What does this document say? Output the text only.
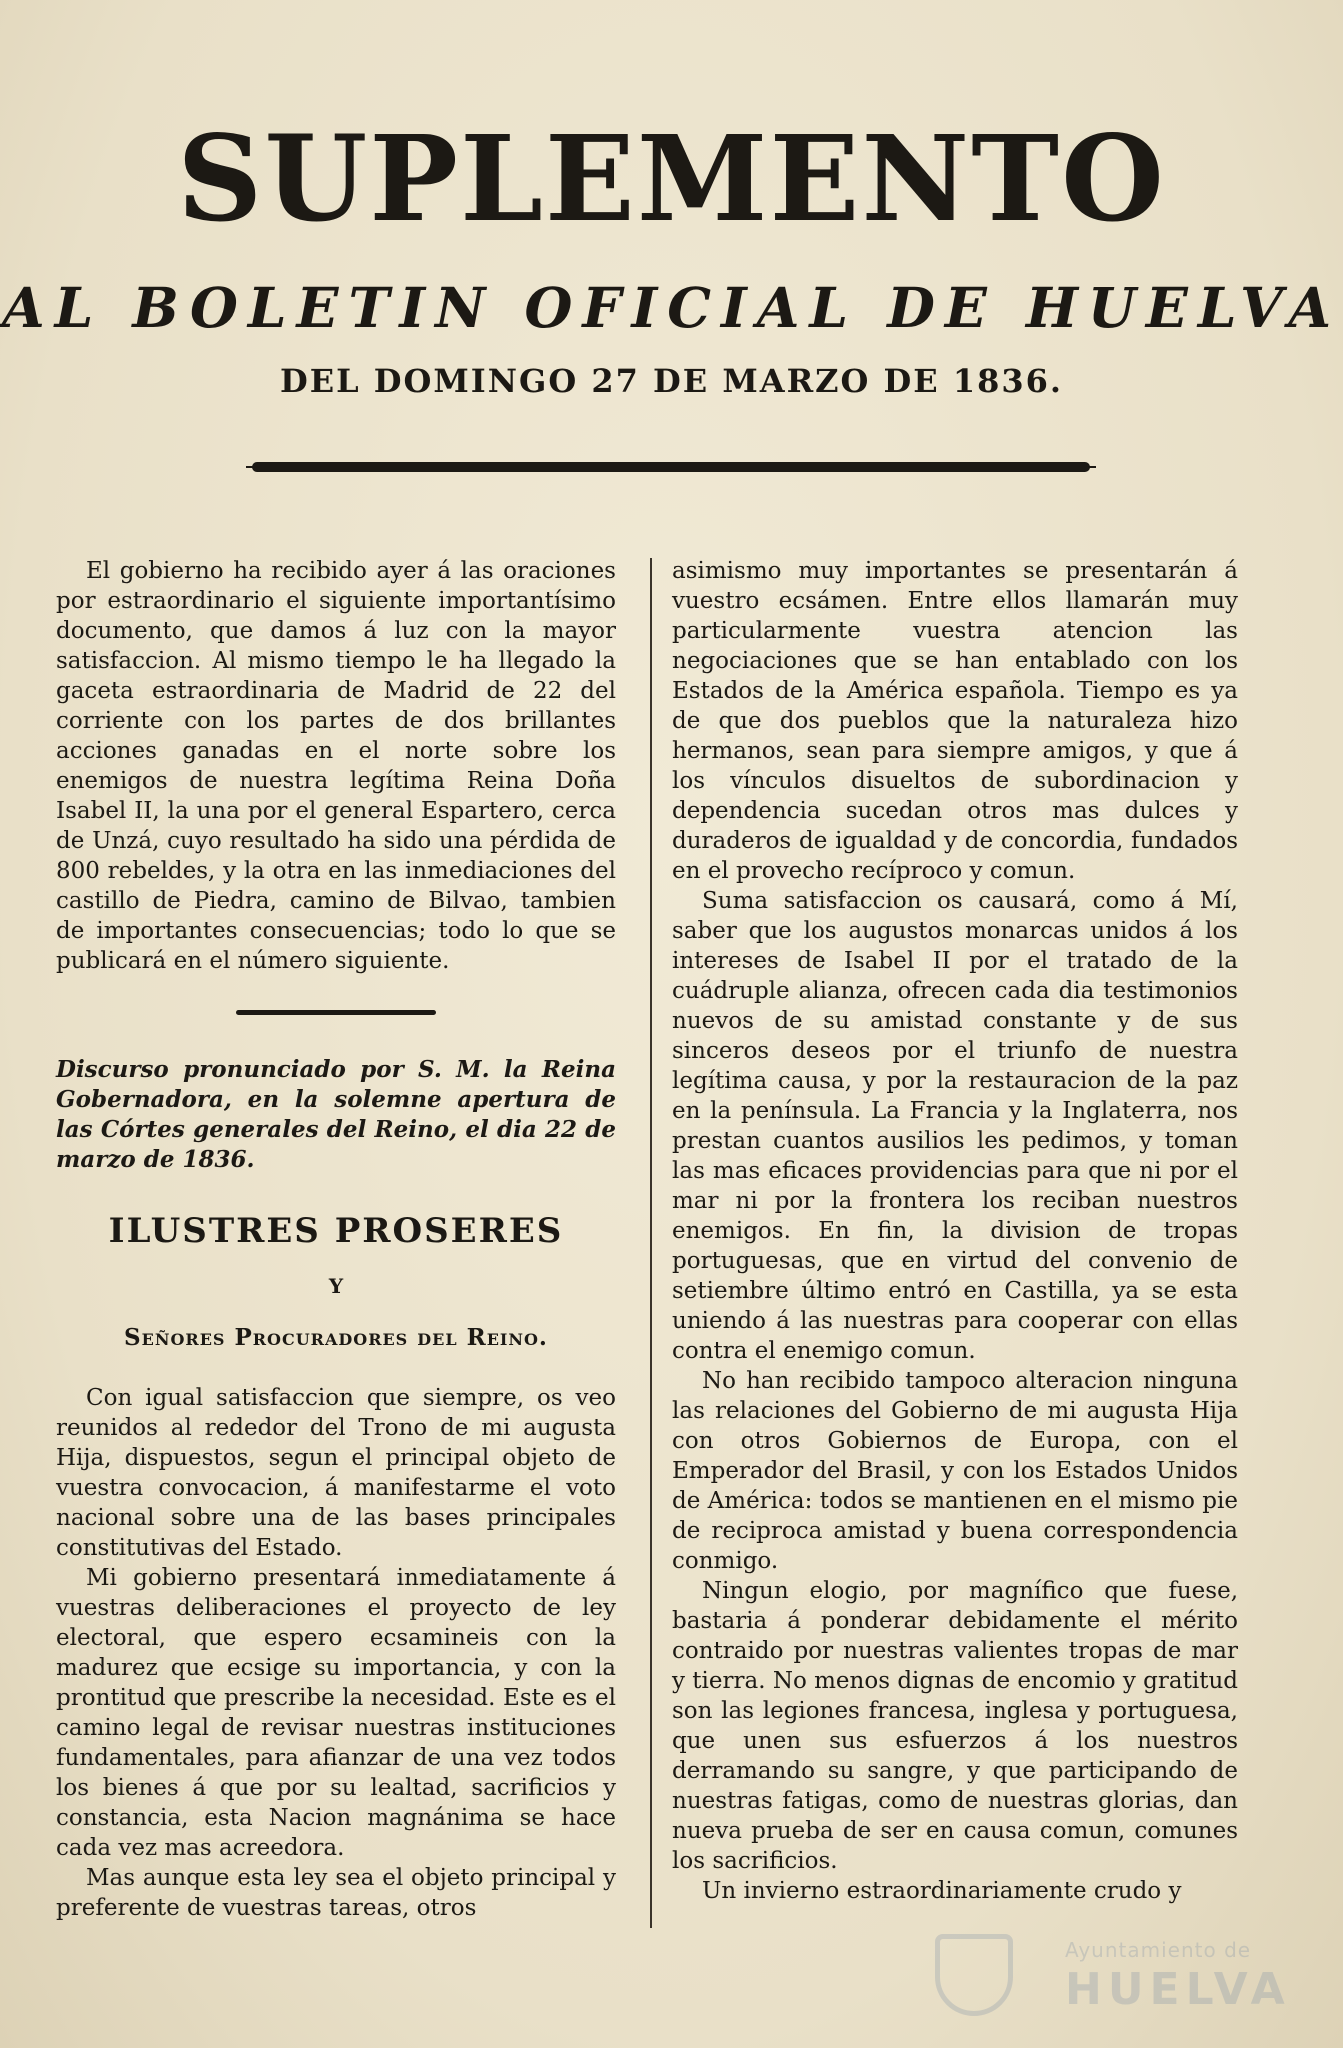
SUPLEMENTO
AL BOLETIN OFICIAL DE HUELVA
DEL DOMINGO 27 DE MARZO DE 1836.

El gobierno ha recibido ayer á las oraciones por estraordinario el siguiente importantísimo documento, que damos á luz con la mayor satisfaccion. Al mismo tiempo le ha llegado la gaceta estraordinaria de Madrid de 22 del corriente con los partes de dos brillantes acciones ganadas en el norte sobre los enemigos de nuestra legítima Reina Doña Isabel II, la una por el general Espartero, cerca de Unzá, cuyo resultado ha sido una pérdida de 800 rebeldes, y la otra en las inmediaciones del castillo de Piedra, camino de Bilvao, tambien de importantes consecuencias; todo lo que se publicará en el número siguiente.

Discurso pronunciado por S. M. la Reina Gobernadora, en la solemne apertura de las Córtes generales del Reino, el dia 22 de marzo de 1836.

ILUSTRES PROSERES
Y
Señores Procuradores del Reino.

Con igual satisfaccion que siempre, os veo reunidos al rededor del Trono de mi augusta Hija, dispuestos, segun el principal objeto de vuestra convocacion, á manifestarme el voto nacional sobre una de las bases principales constitutivas del Estado.

Mi gobierno presentará inmediatamente á vuestras deliberaciones el proyecto de ley electoral, que espero ecsamineis con la madurez que ecsige su importancia, y con la prontitud que prescribe la necesidad. Este es el camino legal de revisar nuestras instituciones fundamentales, para afianzar de una vez todos los bienes á que por su lealtad, sacrificios y constancia, esta Nacion magnánima se hace cada vez mas acreedora.

Mas aunque esta ley sea el objeto principal y preferente de vuestras tareas, otros

asimismo muy importantes se presentarán á vuestro ecsámen. Entre ellos llamarán muy particularmente vuestra atencion las negociaciones que se han entablado con los Estados de la América española. Tiempo es ya de que dos pueblos que la naturaleza hizo hermanos, sean para siempre amigos, y que á los vínculos disueltos de subordinacion y dependencia sucedan otros mas dulces y duraderos de igualdad y de concordia, fundados en el provecho recíproco y comun.

Suma satisfaccion os causará, como á Mí, saber que los augustos monarcas unidos á los intereses de Isabel II por el tratado de la cuádruple alianza, ofrecen cada dia testimonios nuevos de su amistad constante y de sus sinceros deseos por el triunfo de nuestra legítima causa, y por la restauracion de la paz en la península. La Francia y la Inglaterra, nos prestan cuantos ausilios les pedimos, y toman las mas eficaces providencias para que ni por el mar ni por la frontera los reciban nuestros enemigos. En fin, la division de tropas portuguesas, que en virtud del convenio de setiembre último entró en Castilla, ya se esta uniendo á las nuestras para cooperar con ellas contra el enemigo comun.

No han recibido tampoco alteracion ninguna las relaciones del Gobierno de mi augusta Hija con otros Gobiernos de Europa, con el Emperador del Brasil, y con los Estados Unidos de América: todos se mantienen en el mismo pie de reciproca amistad y buena correspondencia conmigo.

Ningun elogio, por magnífico que fuese, bastaria á ponderar debidamente el mérito contraido por nuestras valientes tropas de mar y tierra. No menos dignas de encomio y gratitud son las legiones francesa, inglesa y portuguesa, que unen sus esfuerzos á los nuestros derramando su sangre, y que participando de nuestras fatigas, como de nuestras glorias, dan nueva prueba de ser en causa comun, comunes los sacrificios.

Un invierno estraordinariamente crudo y

Ayuntamiento de
HUELVA
